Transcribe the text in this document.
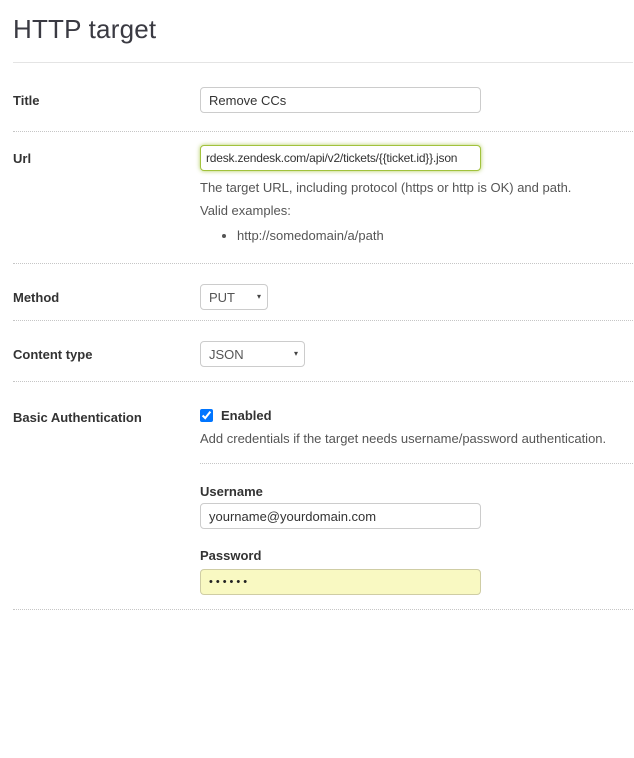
HTTP target
Title
Remove CCs
Url
rdesk.zendesk.com/api/v2/tickets/{{ticket.id}}.json
The target URL, including protocol (https or http is OK) and path.
Valid examples:
• http://somedomain/a/path
Method
PUT	▾
Content type
JSON	▾
Basic Authentication	Enabled
Add credentials if the target needs username/password authentication.
Username
yourname@yourdomain.com
Password
••••••
